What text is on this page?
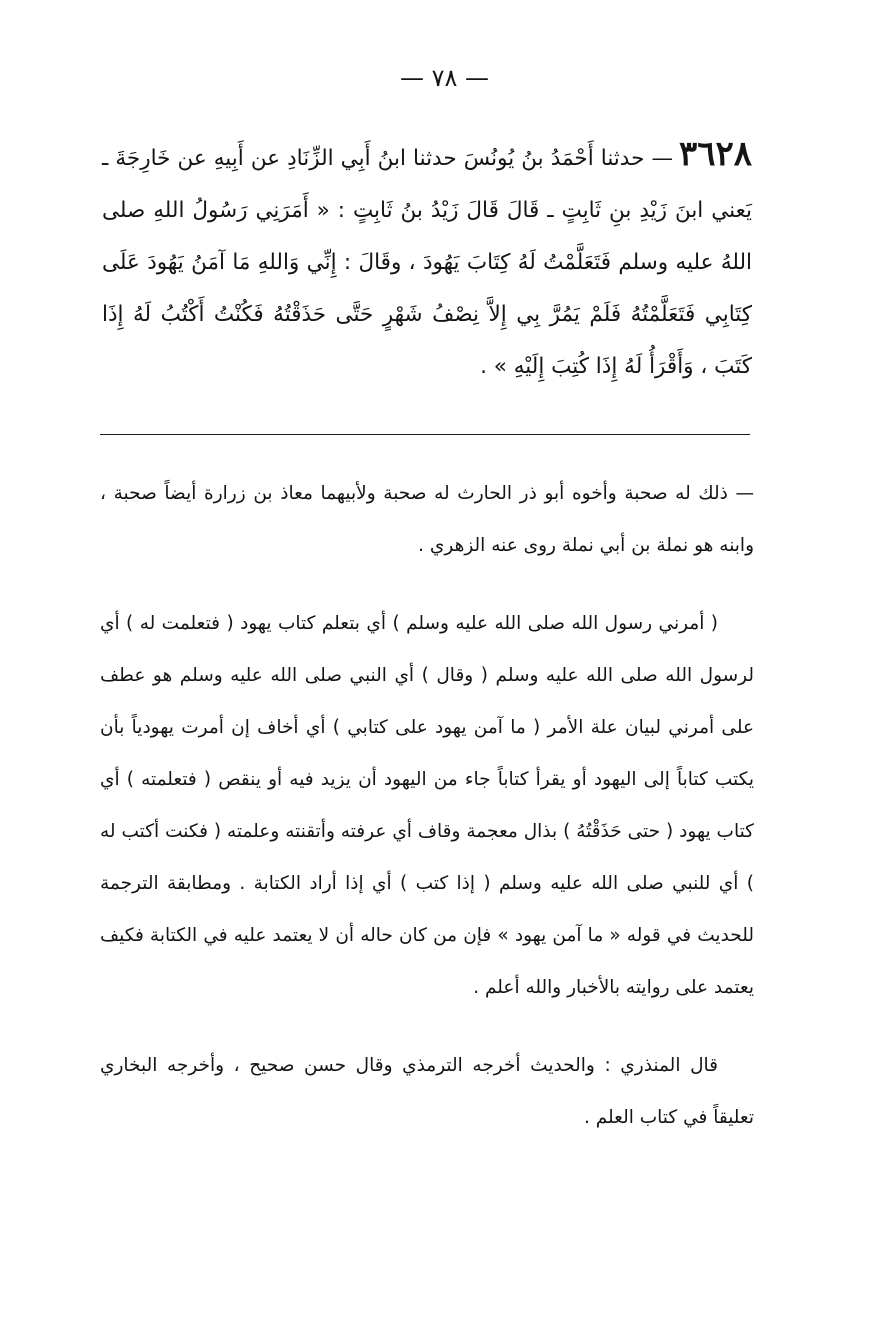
— ٧٨ —
٣٦٢٨— حدثنا أَحْمَدُ بنُ يُونُسَ حدثنا ابنُ أَبِي الزِّنَادِ عن أَبِيهِ عن خَارِجَةَ ـ يَعني ابنَ زَيْدِ بنِ ثَابِتٍ ـ قَالَ قَالَ زَيْدُ بنُ ثَابِتٍ : « أَمَرَنِي رَسُولُ اللهِ صلى اللهُ عليه وسلم فَتَعَلَّمْتُ لَهُ كِتَابَ يَهُودَ ، وقَالَ : إِنِّي وَاللهِ مَا آمَنُ يَهُودَ عَلَى كِتَابِي فَتَعَلَّمْتُهُ فَلَمْ يَمُرَّ بِي إِلاَّ نِصْفُ شَهْرٍ حَتَّى حَذَقْتُهُ فَكُنْتُ أَكْتُبُ لَهُ إِذَا كَتَبَ ، وَأَقْرَأُ لَهُ إِذَا كُتِبَ إِلَيْهِ » .

— ذلك له صحبة وأخوه أبو ذر الحارث له صحبة ولأبيهما معاذ بن زرارة أيضاً صحبة ، وابنه هو نملة بن أبي نملة روى عنه الزهري .

( أمرني رسول الله صلى الله عليه وسلم ) أي بتعلم كتاب يهود ( فتعلمت له ) أي لرسول الله صلى الله عليه وسلم ( وقال ) أي النبي صلى الله عليه وسلم هو عطف على أمرني لبيان علة الأمر ( ما آمن يهود على كتابي ) أي أخاف إن أمرت يهودياً بأن يكتب كتاباً إلى اليهود أو يقرأ كتاباً جاء من اليهود أن يزيد فيه أو ينقص ( فتعلمته ) أي كتاب يهود ( حتى حَذَقْتُهُ ) بذال معجمة وقاف أي عرفته وأتقنته وعلمته ( فكنت أكتب له ) أي للنبي صلى الله عليه وسلم ( إذا كتب ) أي إذا أراد الكتابة . ومطابقة الترجمة للحديث في قوله « ما آمن يهود » فإن من كان حاله أن لا يعتمد عليه في الكتابة فكيف يعتمد على روايته بالأخبار والله أعلم .

قال المنذري : والحديث أخرجه الترمذي وقال حسن صحيح ، وأخرجه البخاري تعليقاً في كتاب العلم .
